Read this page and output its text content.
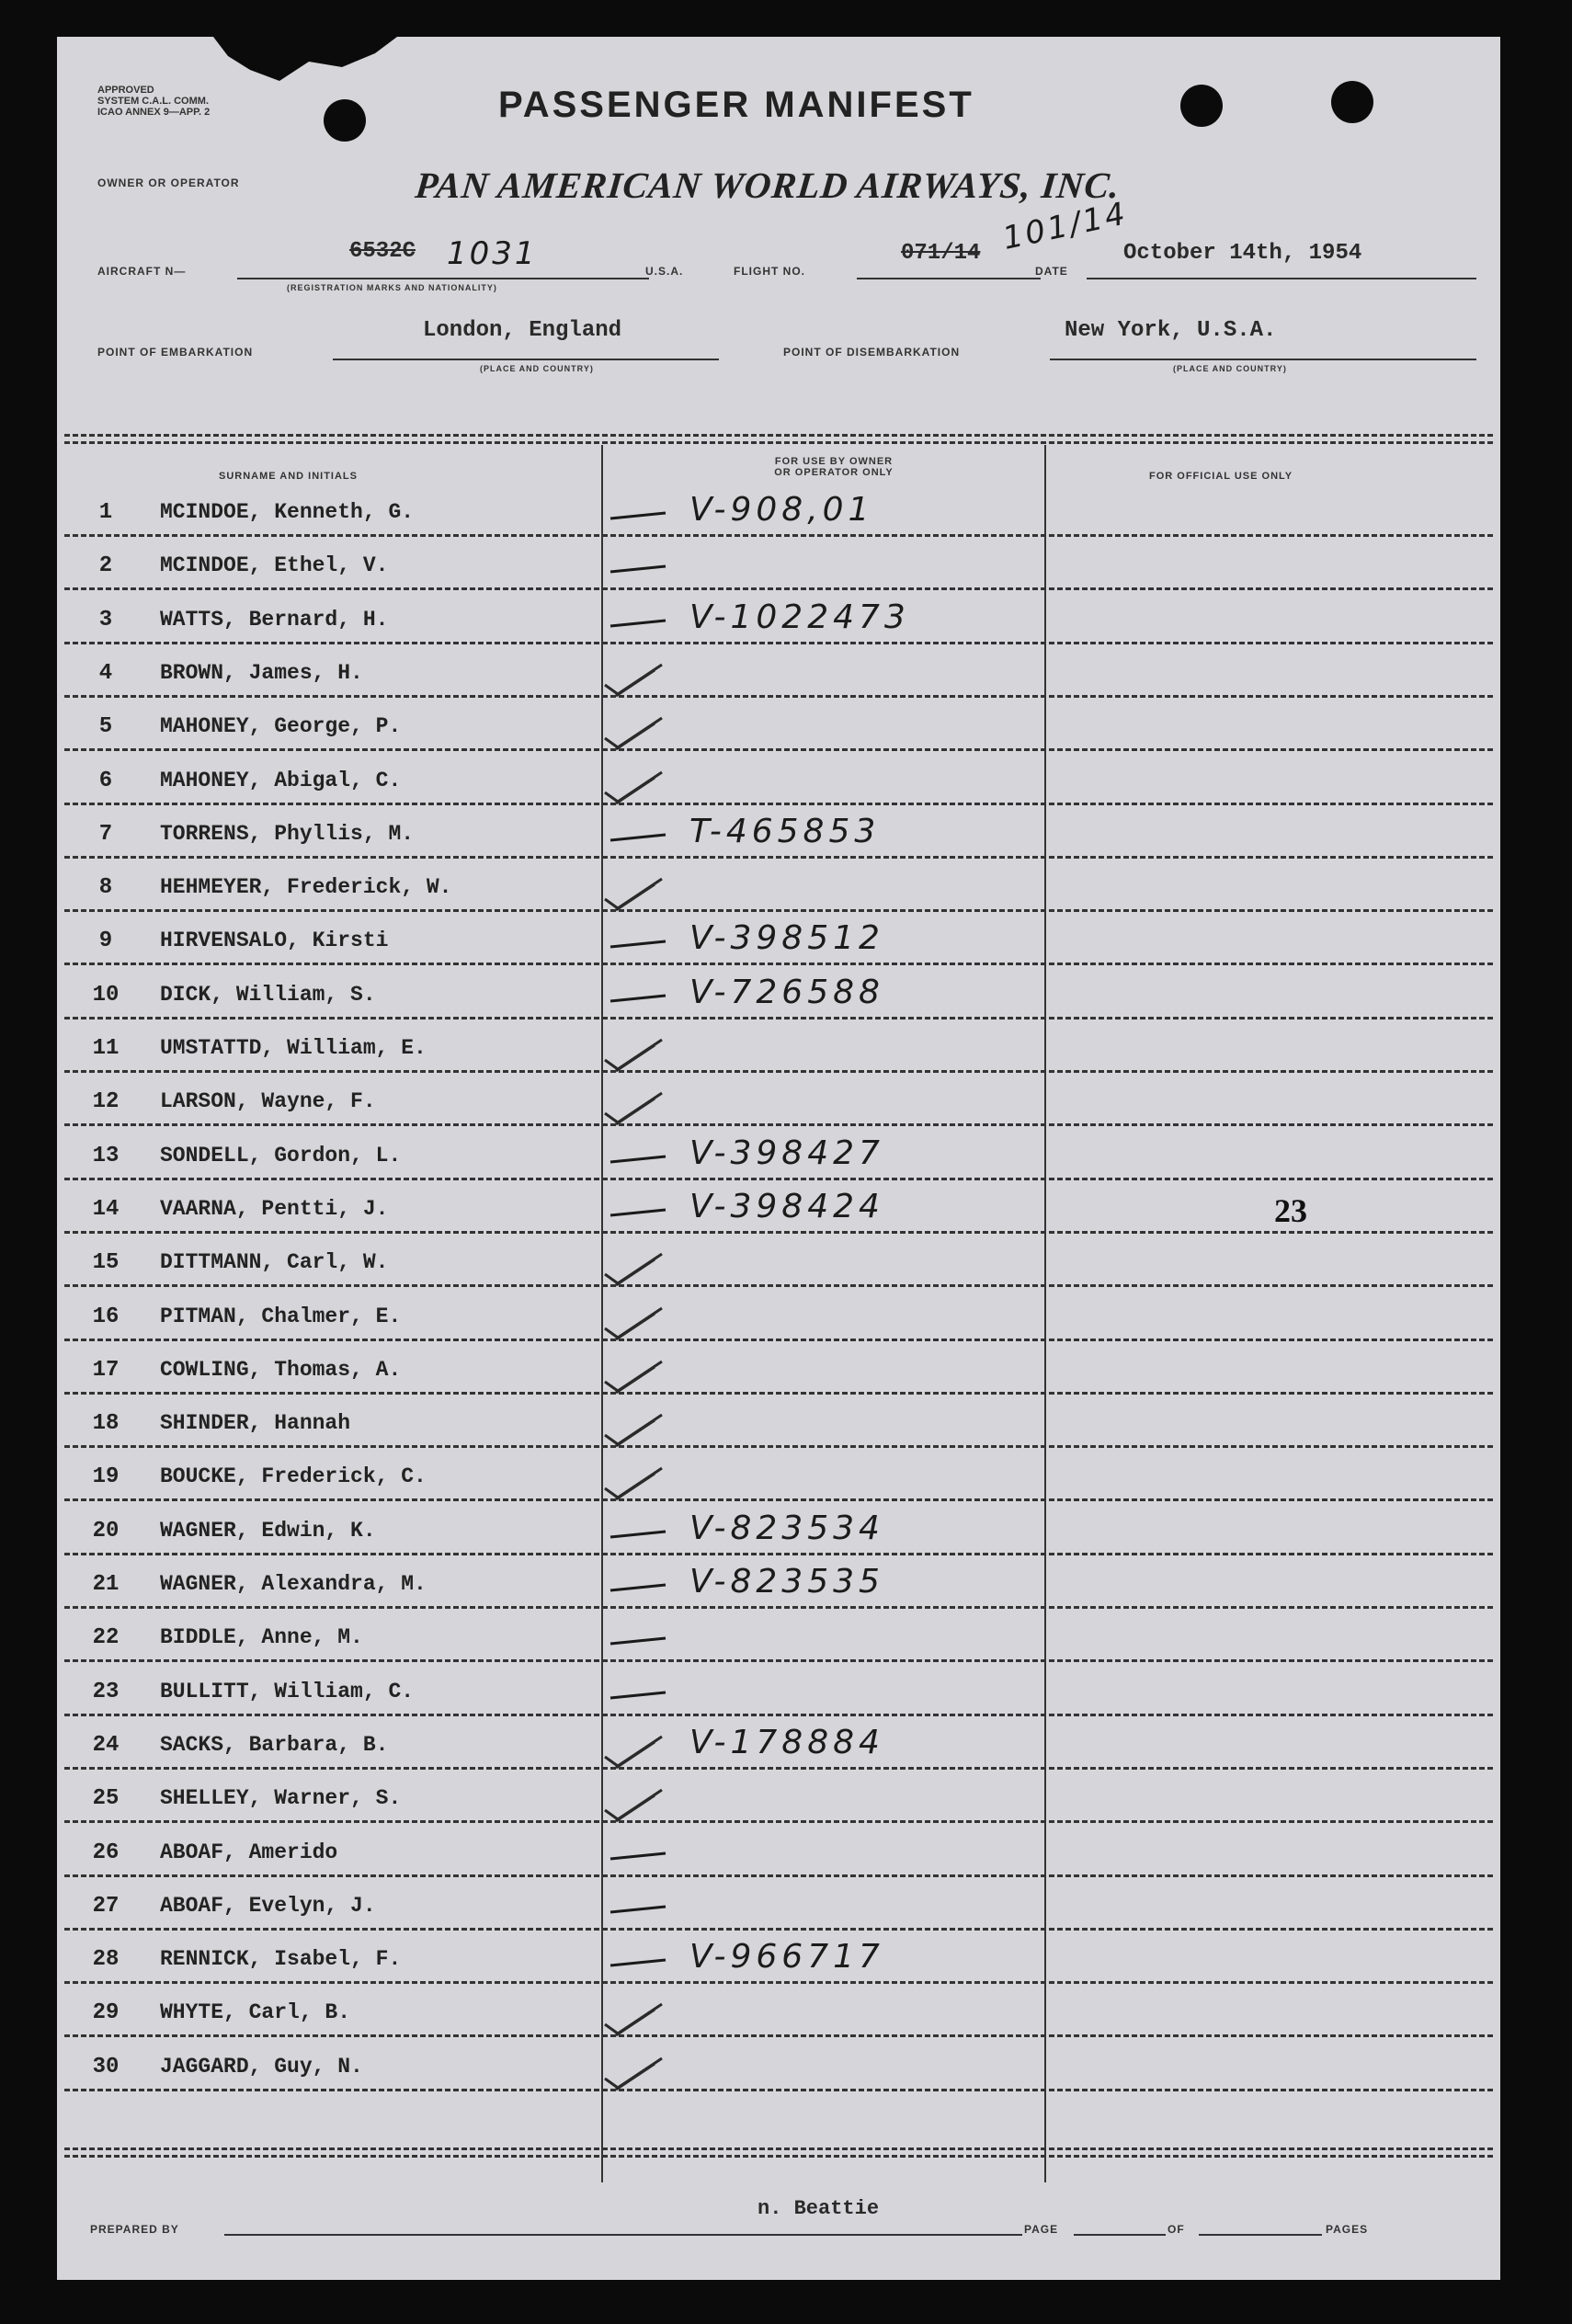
APPROVED
SYSTEM C.A.L. COMM.
ICAO ANNEX 9—APP. 2	PASSENGER MANIFEST
OWNER OR OPERATOR	PAN AMERICAN WORLD AIRWAYS, INC.
AIRCRAFT N—
6532C 1031
(REGISTRATION MARKS AND NATIONALITY)
U.S.A.	FLIGHT NO.
071/14 101/14
DATE
October 14th, 1954
POINT OF EMBARKATION
London, England
(PLACE AND COUNTRY)
POINT OF DISEMBARKATION
New York, U.S.A.
(PLACE AND COUNTRY)
SURNAME AND INITIALS
FOR USE BY OWNER
OR OPERATOR ONLY	FOR OFFICIAL USE ONLY
1	MCINDOE, Kenneth, G.	V-908,01
2	MCINDOE, Ethel, V.
3	WATTS, Bernard, H.	V-1022473
4	BROWN, James, H.
5	MAHONEY, George, P.
6	MAHONEY, Abigal, C.
7	TORRENS, Phyllis, M.	T-465853
8	HEHMEYER, Frederick, W.
9	HIRVENSALO, Kirsti	V-398512
10	DICK, William, S.	V-726588
11	UMSTATTD, William, E.
12	LARSON, Wayne, F.
13	SONDELL, Gordon, L.	V-398427
14	VAARNA, Pentti, J.	V-398424	23
15	DITTMANN, Carl, W.
16	PITMAN, Chalmer, E.
17	COWLING, Thomas, A.
18	SHINDER, Hannah
19	BOUCKE, Frederick, C.
20	WAGNER, Edwin, K.	V-823534
21	WAGNER, Alexandra, M.	V-823535
22	BIDDLE, Anne, M.
23	BULLITT, William, C.
24	SACKS, Barbara, B.	V-178884
25	SHELLEY, Warner, S.
26	ABOAF, Amerido
27	ABOAF, Evelyn, J.
28	RENNICK, Isabel, F.	V-966717
29	WHYTE, Carl, B.
30	JAGGARD, Guy, N.
n. Beattie
PREPARED BY	PAGE	OF	PAGES
